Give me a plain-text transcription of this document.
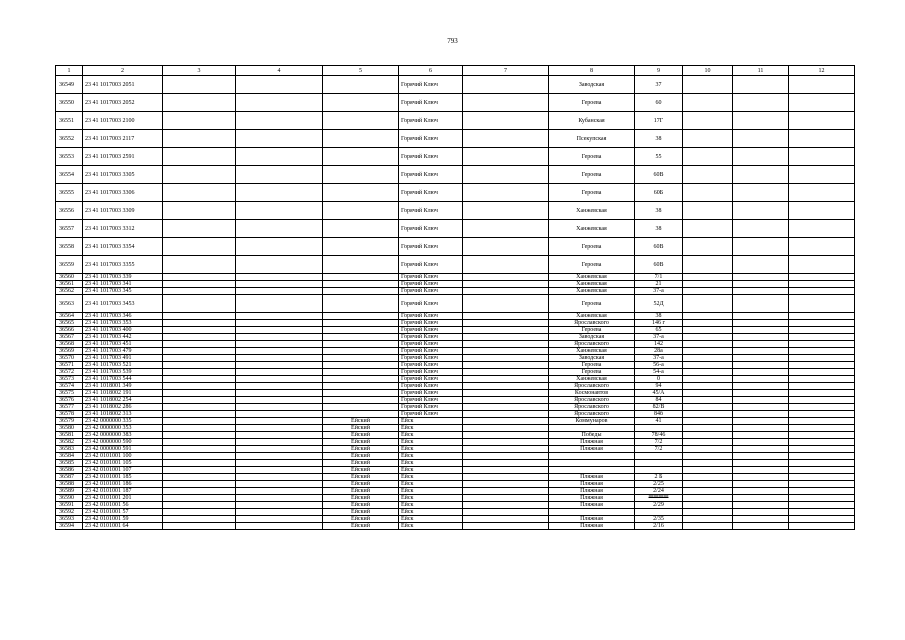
793
1	2	3	4	5	6	7	8	9	10	11	12
36549	23 41 1017003 2051				Горячий Ключ		Заводская	37			
36550	23 41 1017003 2052				Горячий Ключ		Героева	60			
36551	23 41 1017003 2100				Горячий Ключ		Кубанская	17Г			
36552	23 41 1017003 2117				Горячий Ключ		Псекупская	38			
36553	23 41 1017003 2591				Горячий Ключ		Героева	55			
36554	23 41 1017003 3305				Горячий Ключ		Героева	60В			
36555	23 41 1017003 3306				Горячий Ключ		Героева	60Б			
36556	23 41 1017003 3309				Горячий Ключ		Ханжевская	38			
36557	23 41 1017003 3312				Горячий Ключ		Ханжевская	38			
36558	23 41 1017003 3354				Горячий Ключ		Героева	60В			
36559	23 41 1017003 3355				Горячий Ключ		Героева	60В			
36560	23 41 1017003 339				Горячий Ключ		Ханжевская	7/1			
36561	23 41 1017003 341				Горячий Ключ		Ханжевская	21			
36562	23 41 1017003 345				Горячий Ключ		Ханжевская	37-а			
36563	23 41 1017003 3453				Горячий Ключ		Героева	52Д			
36564	23 41 1017003 346				Горячий Ключ		Ханжевская	38			
36565	23 41 1017003 353				Горячий Ключ		Ярославского	146 г			
36566	23 41 1017003 400				Горячий Ключ		Героева	65			
36567	23 41 1017003 442				Горячий Ключ		Заводская	37-а			
36568	23 41 1017003 451				Горячий Ключ		Ярославского	142			
36569	23 41 1017003 479				Горячий Ключ		Ханжевская	28а			
36570	23 41 1017003 491				Горячий Ключ		Заводская	37-а			
36571	23 41 1017003 521				Горячий Ключ		Героева	56-а			
36572	23 41 1017003 539				Горячий Ключ		Героева	54-а			
36573	23 41 1017003 544				Горячий Ключ		Ханжевская	0			
36574	23 41 1018001 349				Горячий Ключ		Ярославского	94			
36575	23 41 1018002 191				Горячий Ключ		Космонавтов	45/А			
36576	23 41 1018002 254				Горячий Ключ		Ярославского	84			
36577	23 41 1018002 286				Горячий Ключ		Ярославского	82/В			
36578	23 41 1018002 313				Горячий Ключ		Ярославского	84б			
36579	23 42 0000000 335			Ейский	Ейск		Коммунаров	41			
36580	23 42 0000000 353			Ейский	Ейск						
36581	23 42 0000000 383			Ейский	Ейск		Победы	78/46			
36582	23 42 0000000 590			Ейский	Ейск		Пляжная	7/2			
36583	23 42 0000000 591			Ейский	Ейск		Пляжная	7/2			
36584	23 42 0101001 100			Ейский	Ейск						
36585	23 42 0101001 105			Ейский	Ейск						
36586	23 42 0101001 107			Ейский	Ейск						
36587	23 42 0101001 185			Ейский	Ейск		Пляжная	2 Б			
36588	23 42 0101001 186			Ейский	Ейск		Пляжная	2/25			
36589	23 42 0101001 187			Ейский	Ейск		Пляжная	2/24			
36590	23 42 0101001 201			Ейский	Ейск		Пляжная	########			
36591	23 42 0101001 56			Ейский	Ейск		Пляжная	2/29			
36592	23 42 0101001 57			Ейский	Ейск						
36593	23 42 0101001 59			Ейский	Ейск		Пляжная	2/35			
36594	23 42 0101001 64			Ейский	Ейск		Пляжная	2/16			
